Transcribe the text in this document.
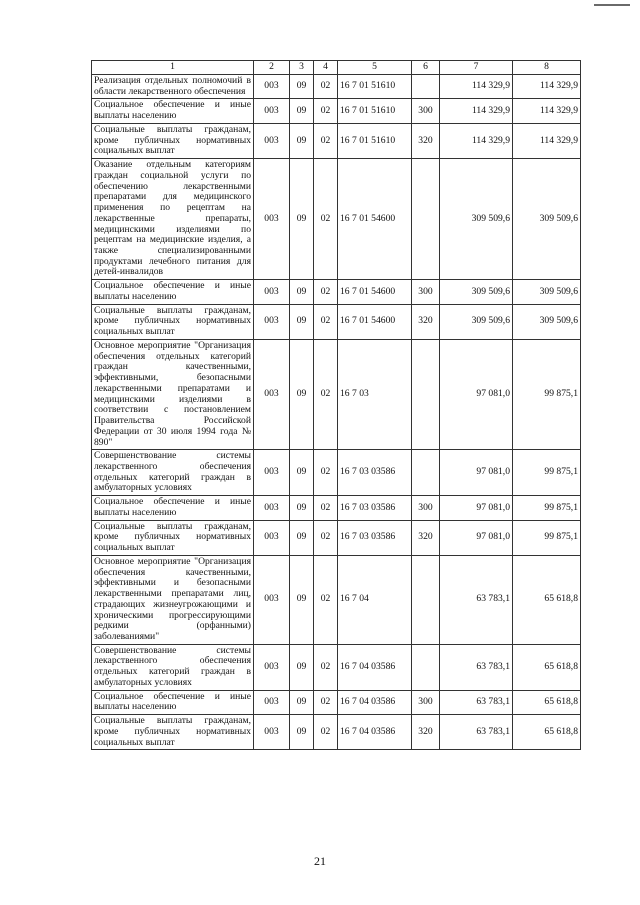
1	2	3	4	5	6	7	8
Реализация отдельных полномочий в области лекарственного обеспечения	003	09	02	16 7 01 51610		114 329,9	114 329,9
Социальное обеспечение и иные выплаты населению	003	09	02	16 7 01 51610	300	114 329,9	114 329,9
Социальные выплаты гражданам, кроме публичных нормативных социальных выплат	003	09	02	16 7 01 51610	320	114 329,9	114 329,9
Оказание отдельным категориям граждан социальной услуги по обеспечению лекарственными препаратами для медицинского применения по рецептам на лекарственные препараты, медицинскими изделиями по рецептам на медицинские изделия, а также специализированными продуктами лечебного питания для детей-инвалидов	003	09	02	16 7 01 54600		309 509,6	309 509,6
Социальное обеспечение и иные выплаты населению	003	09	02	16 7 01 54600	300	309 509,6	309 509,6
Социальные выплаты гражданам, кроме публичных нормативных социальных выплат	003	09	02	16 7 01 54600	320	309 509,6	309 509,6
Основное мероприятие "Организация обеспечения отдельных категорий граждан качественными, эффективными, безопасными лекарственными препаратами и медицинскими изделиями в соответствии с постановлением Правительства Российской Федерации от 30 июля 1994 года № 890"	003	09	02	16 7 03		97 081,0	99 875,1
Совершенствование системы лекарственного обеспечения отдельных категорий граждан в амбулаторных условиях	003	09	02	16 7 03 03586		97 081,0	99 875,1
Социальное обеспечение и иные выплаты населению	003	09	02	16 7 03 03586	300	97 081,0	99 875,1
Социальные выплаты гражданам, кроме публичных нормативных социальных выплат	003	09	02	16 7 03 03586	320	97 081,0	99 875,1
Основное мероприятие "Организация обеспечения качественными, эффективными и безопасными лекарственными препаратами лиц, страдающих жизнеугрожающими и хроническими прогрессирующими редкими (орфанными) заболеваниями"	003	09	02	16 7 04		63 783,1	65 618,8
Совершенствование системы лекарственного обеспечения отдельных категорий граждан в амбулаторных условиях	003	09	02	16 7 04 03586		63 783,1	65 618,8
Социальное обеспечение и иные выплаты населению	003	09	02	16 7 04 03586	300	63 783,1	65 618,8
Социальные выплаты гражданам, кроме публичных нормативных социальных выплат	003	09	02	16 7 04 03586	320	63 783,1	65 618,8
21
